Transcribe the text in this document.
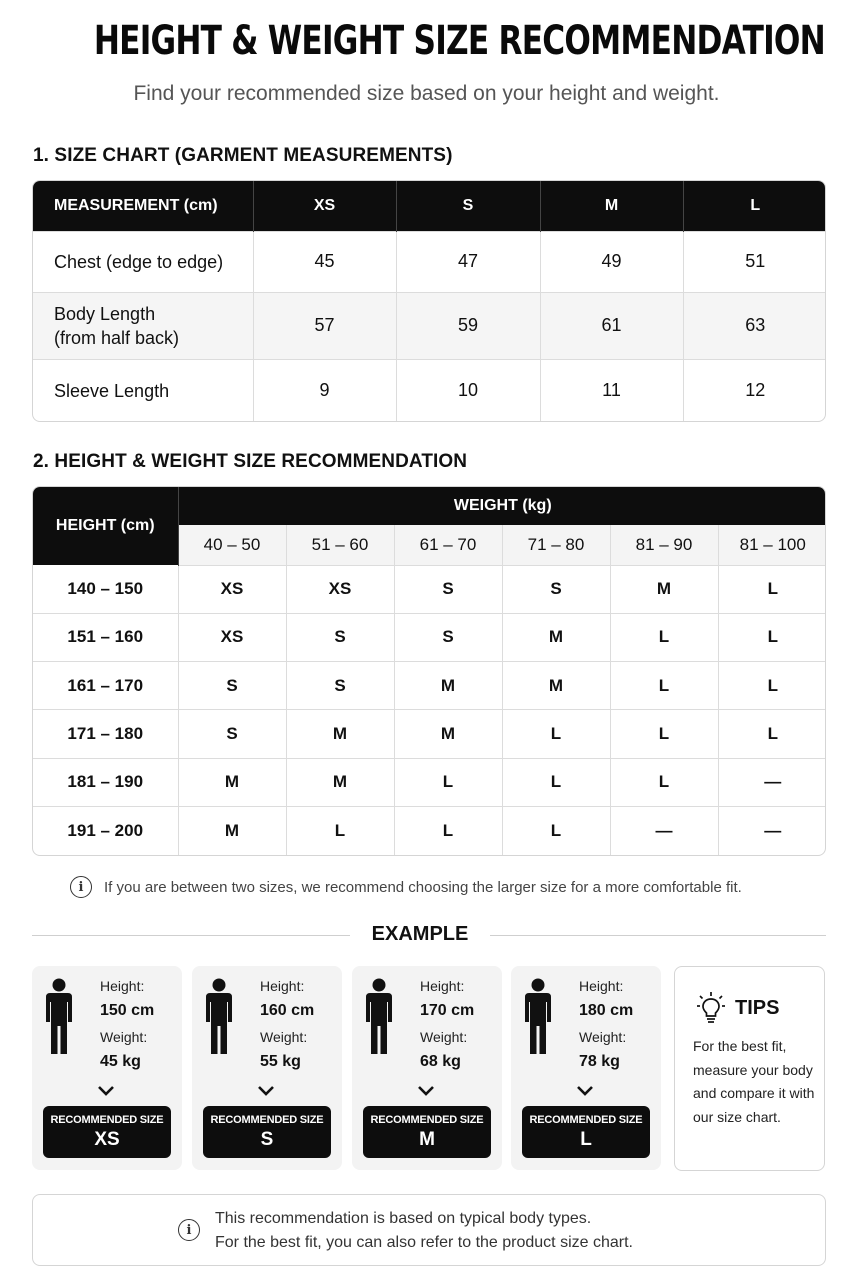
HEIGHT & WEIGHT SIZE RECOMMENDATION
Find your recommended size based on your height and weight.
1. SIZE CHART (GARMENT MEASUREMENTS)
MEASUREMENT (cm)	XS	S	M	L
Chest (edge to edge)	45	47	49	51

Body Length
(from half back)	57	59	61	63
Sleeve Length	9	10	11	12
2. HEIGHT & WEIGHT SIZE RECOMMENDATION
HEIGHT (cm)	WEIGHT (kg)					
	40 – 50	51 – 60	61 – 70	71 – 80	81 – 90	81 – 100
140 – 150	XS	XS	S	S	M	L
151 – 160	XS	S	S	M	L	L
161 – 170	S	S	M	M	L	L
171 – 180	S	M	M	L	L	L
181 – 190	M	M	L	L	L	—
191 – 200	M	L	L	L	—	—
i	If you are between two sizes, we recommend choosing the larger size for a more comfortable fit.
EXAMPLE
Height:
150 cm
Weight:
45 kg
RECOMMENDED SIZE
XS
Height:
160 cm
Weight:
55 kg
RECOMMENDED SIZE
S
Height:
170 cm
Weight:
68 kg
RECOMMENDED SIZE
M
Height:
180 cm
Weight:
78 kg
RECOMMENDED SIZE
L
TIPS
For the best fit, measure your body and compare it with our size chart.
i
This recommendation is based on typical body types.
For the best fit, you can also refer to the product size chart.
